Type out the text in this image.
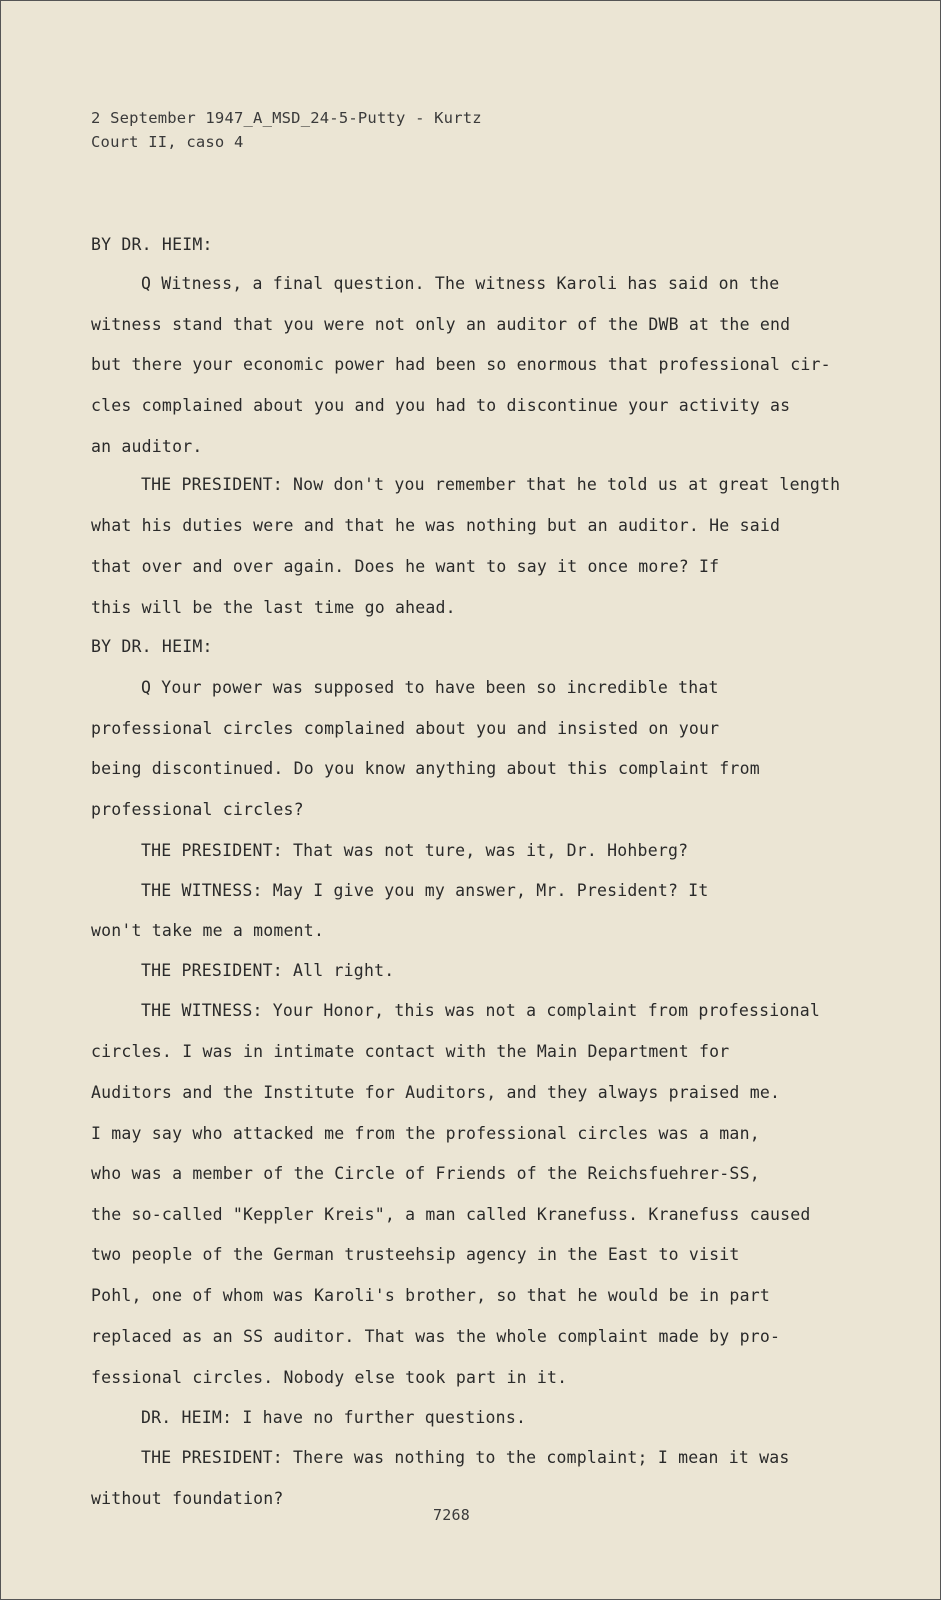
2 September 1947_A_MSD_24-5-Putty - Kurtz
Court II, caso 4
BY DR. HEIM:
Q Witness, a final question. The witness Karoli has said on the
witness stand that you were not only an auditor of the DWB at the end
but there your economic power had been so enormous that professional cir-
cles complained about you and you had to discontinue your activity as
an auditor.
THE PRESIDENT: Now don't you remember that he told us at great length
what his duties were and that he was nothing but an auditor. He said
that over and over again. Does he want to say it once more? If
this will be the last time go ahead.
BY DR. HEIM:
Q Your power was supposed to have been so incredible that
professional circles complained about you and insisted on your
being discontinued. Do you know anything about this complaint from
professional circles?
THE PRESIDENT: That was not ture, was it, Dr. Hohberg?
THE WITNESS: May I give you my answer, Mr. President? It
won't take me a moment.
THE PRESIDENT: All right.
THE WITNESS: Your Honor, this was not a complaint from professional
circles. I was in intimate contact with the Main Department for
Auditors and the Institute for Auditors, and they always praised me.
I may say who attacked me from the professional circles was a man,
who was a member of the Circle of Friends of the Reichsfuehrer-SS,
the so-called "Keppler Kreis", a man called Kranefuss. Kranefuss caused
two people of the German trusteehsip agency in the East to visit
Pohl, one of whom was Karoli's brother, so that he would be in part
replaced as an SS auditor. That was the whole complaint made by pro-
fessional circles. Nobody else took part in it.
DR. HEIM: I have no further questions.
THE PRESIDENT: There was nothing to the complaint; I mean it was
without foundation?
7268
